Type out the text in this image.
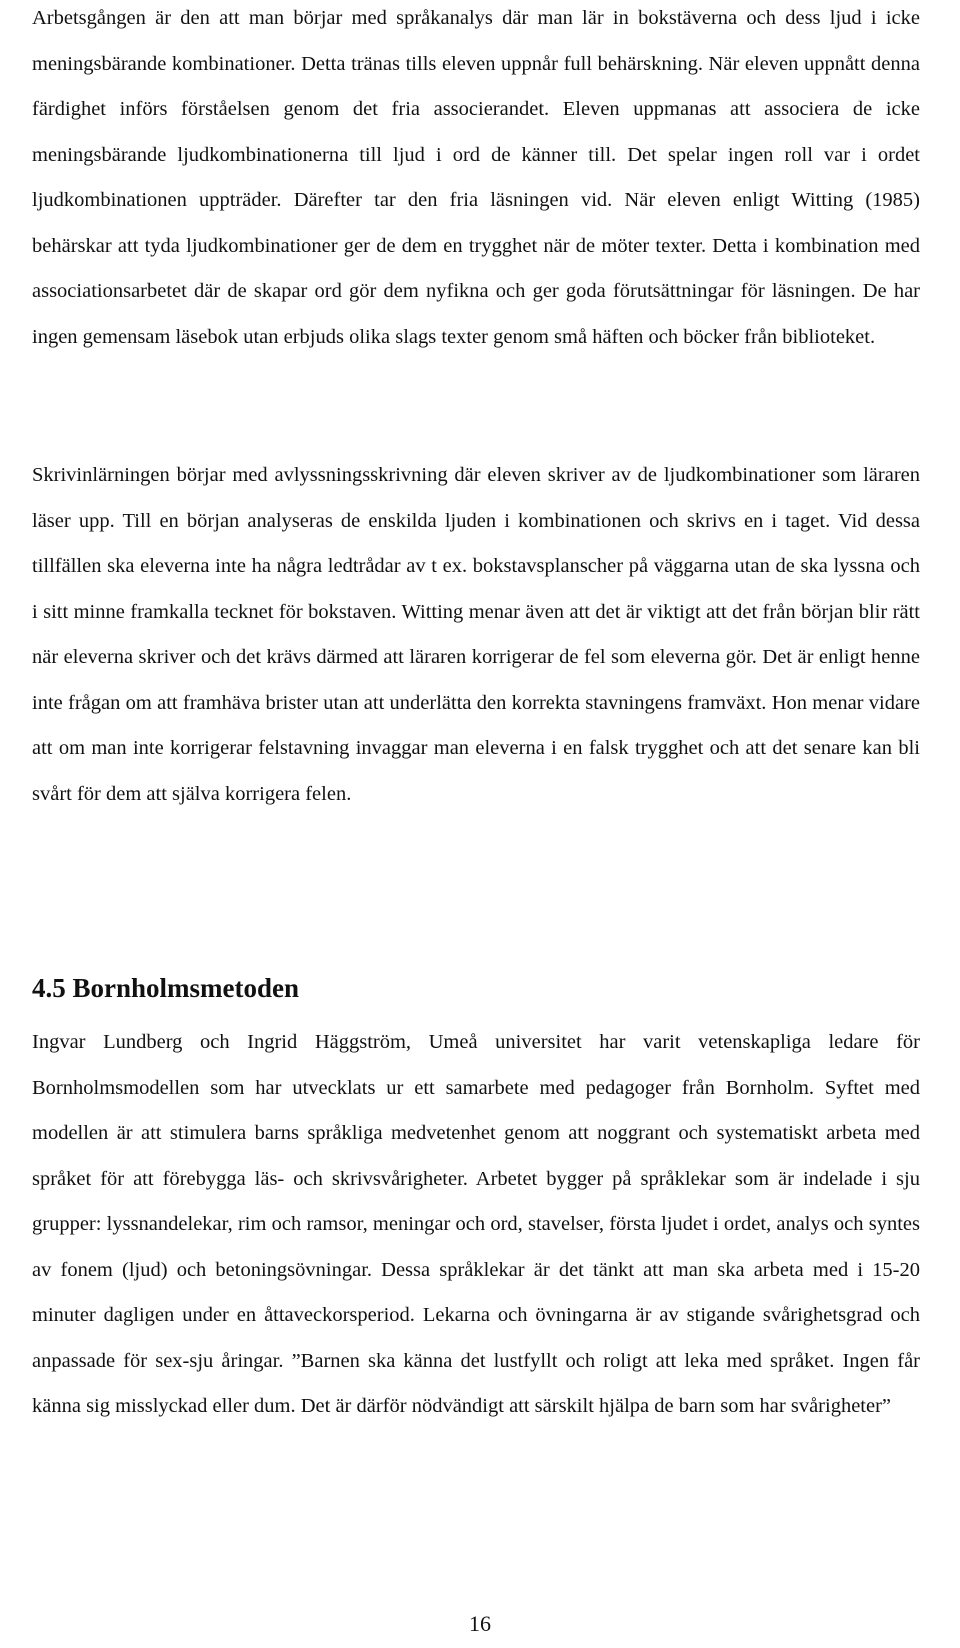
Arbetsgången är den att man börjar med språkanalys där man lär in bokstäverna och dess ljud i icke meningsbärande kombinationer. Detta tränas tills eleven uppnår full behärskning. När eleven uppnått denna färdighet införs förståelsen genom det fria associerandet. Eleven uppmanas att associera de icke meningsbärande ljudkombinationerna till ljud i ord de känner till. Det spelar ingen roll var i ordet ljudkombinationen uppträder. Därefter tar den fria läsningen vid. När eleven enligt Witting (1985) behärskar att tyda ljudkombinationer ger de dem en trygghet när de möter texter. Detta i kombination med associationsarbetet där de skapar ord gör dem nyfikna och ger goda förutsättningar för läsningen. De har ingen gemensam läsebok utan erbjuds olika slags texter genom små häften och böcker från biblioteket.

Skrivinlärningen börjar med avlyssningsskrivning där eleven skriver av de ljudkombinationer som läraren läser upp. Till en början analyseras de enskilda ljuden i kombinationen och skrivs en i taget. Vid dessa tillfällen ska eleverna inte ha några ledtrådar av t ex. bokstavsplanscher på väggarna utan de ska lyssna och i sitt minne framkalla tecknet för bokstaven. Witting menar även att det är viktigt att det från början blir rätt när eleverna skriver och det krävs därmed att läraren korrigerar de fel som eleverna gör. Det är enligt henne inte frågan om att framhäva brister utan att underlätta den korrekta stavningens framväxt. Hon menar vidare att om man inte korrigerar felstavning invaggar man eleverna i en falsk trygghet och att det senare kan bli svårt för dem att själva korrigera felen.

4.5 Bornholmsmetoden

Ingvar Lundberg och Ingrid Häggström, Umeå universitet har varit vetenskapliga ledare för Bornholmsmodellen som har utvecklats ur ett samarbete med pedagoger från Bornholm. Syftet med modellen är att stimulera barns språkliga medvetenhet genom att noggrant och systematiskt arbeta med språket för att förebygga läs- och skrivsvårigheter. Arbetet bygger på språklekar som är indelade i sju grupper: lyssnandelekar, rim och ramsor, meningar och ord, stavelser, första ljudet i ordet, analys och syntes av fonem (ljud) och betoningsövningar. Dessa språklekar är det tänkt att man ska arbeta med i 15-20 minuter dagligen under en åttaveckorsperiod. Lekarna och övningarna är av stigande svårighetsgrad och anpassade för sex-sju åringar. ”Barnen ska känna det lustfyllt och roligt att leka med språket. Ingen får känna sig misslyckad eller dum. Det är därför nödvändigt att särskilt hjälpa de barn som har svårigheter”

16
